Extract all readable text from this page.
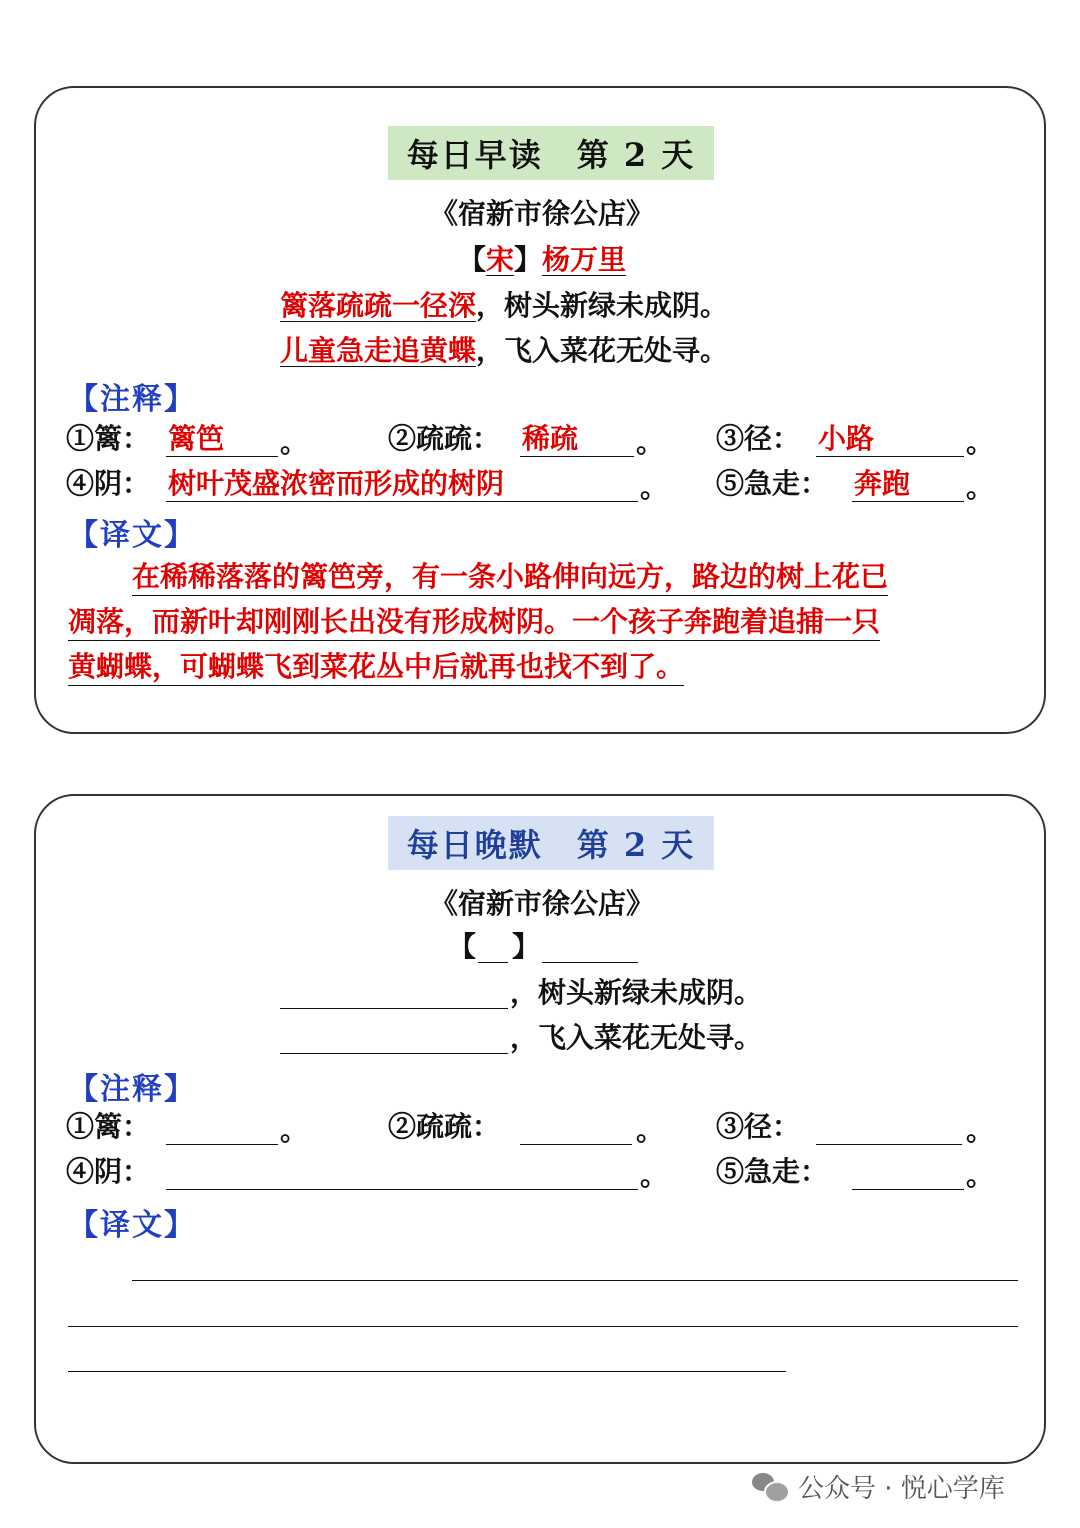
每日早读　第 2 天
《宿新市徐公店》
【宋】杨万里
篱落疏疏一径深，树头新绿未成阴。
儿童急走追黄蝶，飞入菜花无处寻。
【注释】
①篱： 篱笆	。	②疏疏： 稀疏	。 ③径： 小路	。
④阴： 树叶茂盛浓密而形成的树阴	。 ⑤急走： 奔跑	。
【译文】
在稀稀落落的篱笆旁，有一条小路伸向远方，路边的树上花已
凋落，而新叶却刚刚长出没有形成树阴。一个孩子奔跑着追捕一只
黄蝴蝶，可蝴蝶飞到菜花丛中后就再也找不到了。
每日晚默　第 2 天
《宿新市徐公店》
【 】
，树头新绿未成阴。
，飞入菜花无处寻。
【注释】
①篱：	。	②疏疏：	。 ③径：	。
④阴：	。 ⑤急走：	。
【译文】
公众号 · 悦心学库
